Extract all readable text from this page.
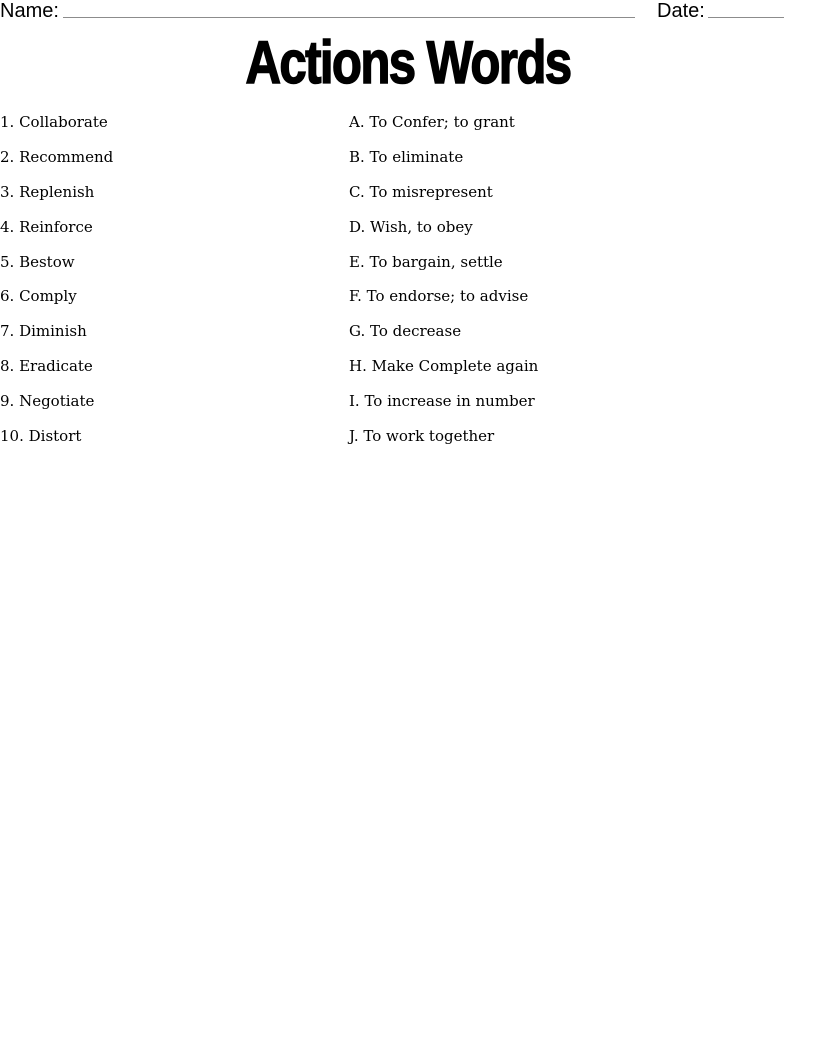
Name:	Date:
Actions Words
1. Collaborate
2. Recommend
3. Replenish
4. Reinforce
5. Bestow
6. Comply
7. Diminish
8. Eradicate
9. Negotiate
10. Distort
A. To Confer; to grant
B. To eliminate
C. To misrepresent
D. Wish, to obey
E. To bargain, settle
F. To endorse; to advise
G. To decrease
H. Make Complete again
I. To increase in number
J. To work together
